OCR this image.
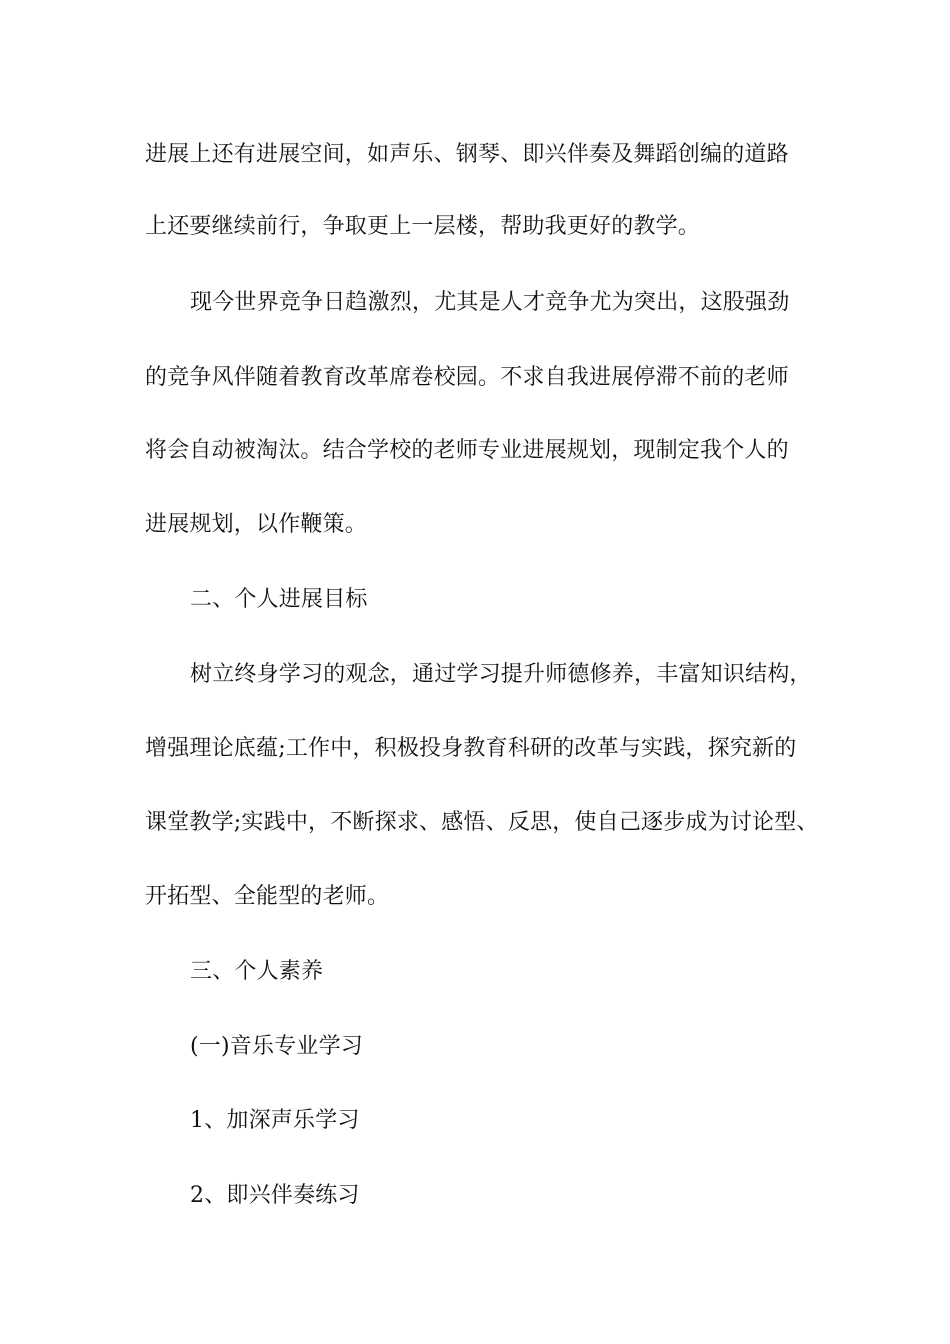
进展上还有进展空间，如声乐、钢琴、即兴伴奏及舞蹈创编的道路
上还要继续前行，争取更上一层楼，帮助我更好的教学。
现今世界竞争日趋激烈，尤其是人才竞争尤为突出，这股强劲
的竞争风伴随着教育改革席卷校园。不求自我进展停滞不前的老师
将会自动被淘汰。结合学校的老师专业进展规划，现制定我个人的
进展规划，以作鞭策。
二、个人进展目标
树立终身学习的观念，通过学习提升师德修养，丰富知识结构，
增强理论底蕴;工作中，积极投身教育科研的改革与实践，探究新的
课堂教学;实践中，不断探求、感悟、反思，使自己逐步成为讨论型、
开拓型、全能型的老师。
三、个人素养
(一)音乐专业学习
1、加深声乐学习
2、即兴伴奏练习
